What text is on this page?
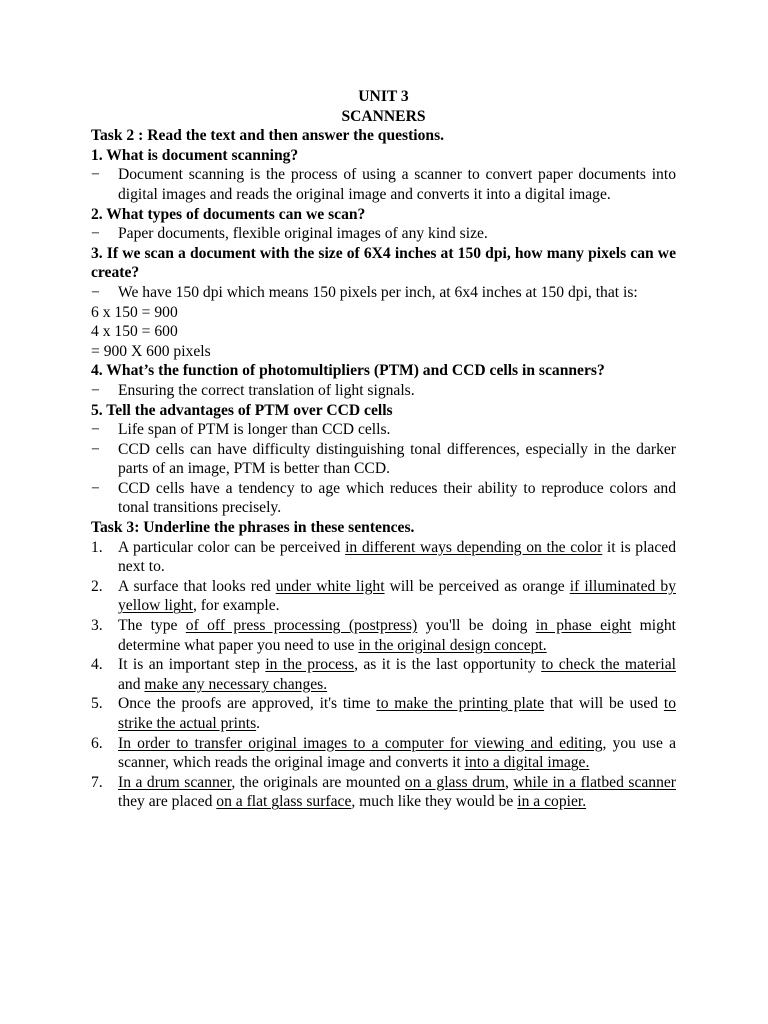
UNIT 3
SCANNERS
Task 2 : Read the text and then answer the questions.
1. What is document scanning?
− Document scanning is the process of using a scanner to convert paper documents into digital images and reads the original image and converts it into a digital image.
2. What types of documents can we scan?
− Paper documents, flexible original images of any kind size.
3. If we scan a document with the size of 6X4 inches at 150 dpi, how many pixels can we create?
− We have 150 dpi which means 150 pixels per inch, at 6x4 inches at 150 dpi, that is:
6 x 150 = 900
4 x 150 = 600
= 900 X 600 pixels
4. What’s the function of photomultipliers (PTM) and CCD cells in scanners?
− Ensuring the correct translation of light signals.
5. Tell the advantages of PTM over CCD cells
− Life span of PTM is longer than CCD cells.
− CCD cells can have difficulty distinguishing tonal differences, especially in the darker parts of an image, PTM is better than CCD.
− CCD cells have a tendency to age which reduces their ability to reproduce colors and tonal transitions precisely.
Task 3: Underline the phrases in these sentences.
1. A particular color can be perceived in different ways depending on the color it is placed next to.
2. A surface that looks red under white light will be perceived as orange if illuminated by yellow light, for example.
3. The type of off press processing (postpress) you'll be doing in phase eight might determine what paper you need to use in the original design concept.
4. It is an important step in the process, as it is the last opportunity to check the material and make any necessary changes.
5. Once the proofs are approved, it's time to make the printing plate that will be used to strike the actual prints.
6. In order to transfer original images to a computer for viewing and editing, you use a scanner, which reads the original image and converts it into a digital image.
7. In a drum scanner, the originals are mounted on a glass drum, while in a flatbed scanner they are placed on a flat glass surface, much like they would be in a copier.
